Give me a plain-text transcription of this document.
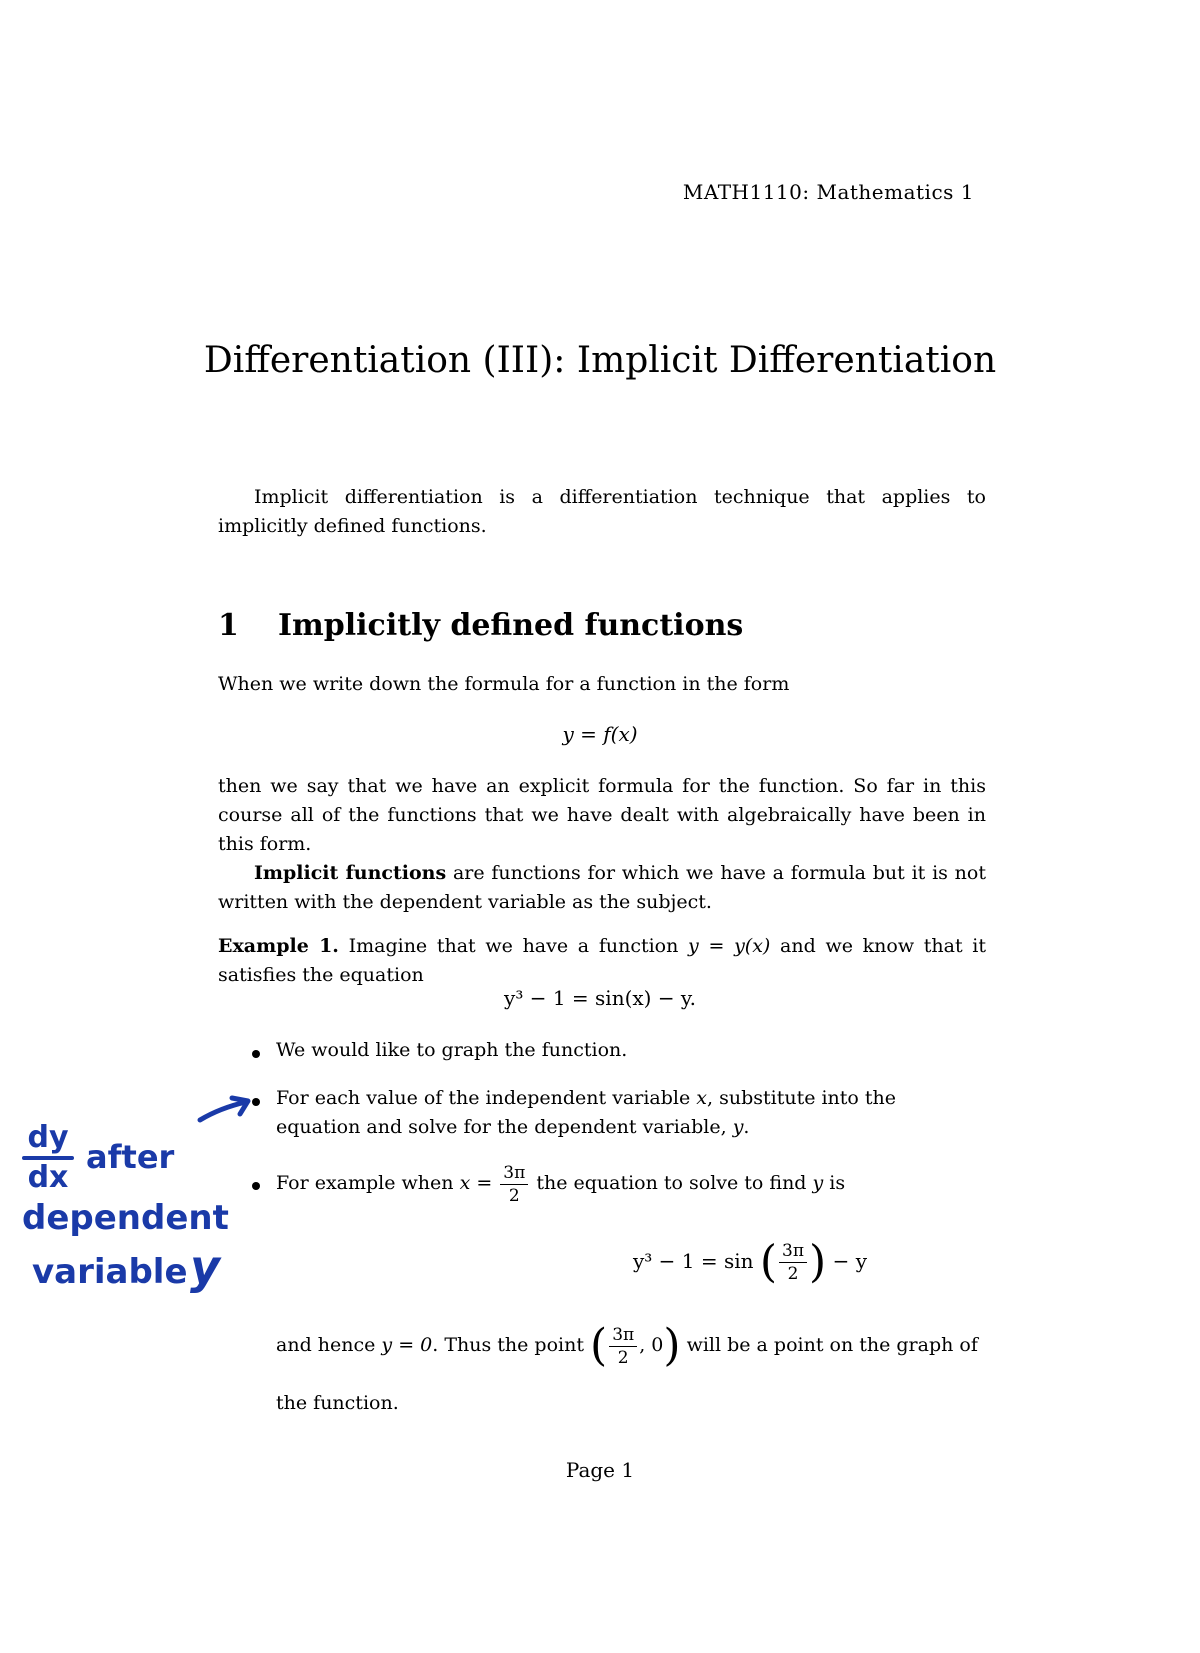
MATH1110: Mathematics 1
Differentiation (III): Implicit Differentiation
Implicit differentiation is a differentiation technique that applies to implicitly defined functions.
1 Implicitly defined functions
When we write down the formula for a function in the form
y = f(x)
then we say that we have an explicit formula for the function. So far in this course all of the functions that we have dealt with algebraically have been in this form.
Implicit functions are functions for which we have a formula but it is not written with the dependent variable as the subject.
Example 1. Imagine that we have a function y = y(x) and we know that it satisfies the equation
y³ − 1 = sin(x) − y.
We would like to graph the function.
For each value of the independent variable x, substitute into the equation and solve for the dependent variable, y.
For example when $x = \frac{3\pi}{2}$ the equation to solve to find y is
y³ − 1 = sin ( $\frac{3\pi}{2}$ ) − y
and hence y = 0. Thus the point ( $\frac{3\pi}{2}$ , 0) will be a point on the graph of the function.
dy
dx
after
dependent
variable y
Page 1
